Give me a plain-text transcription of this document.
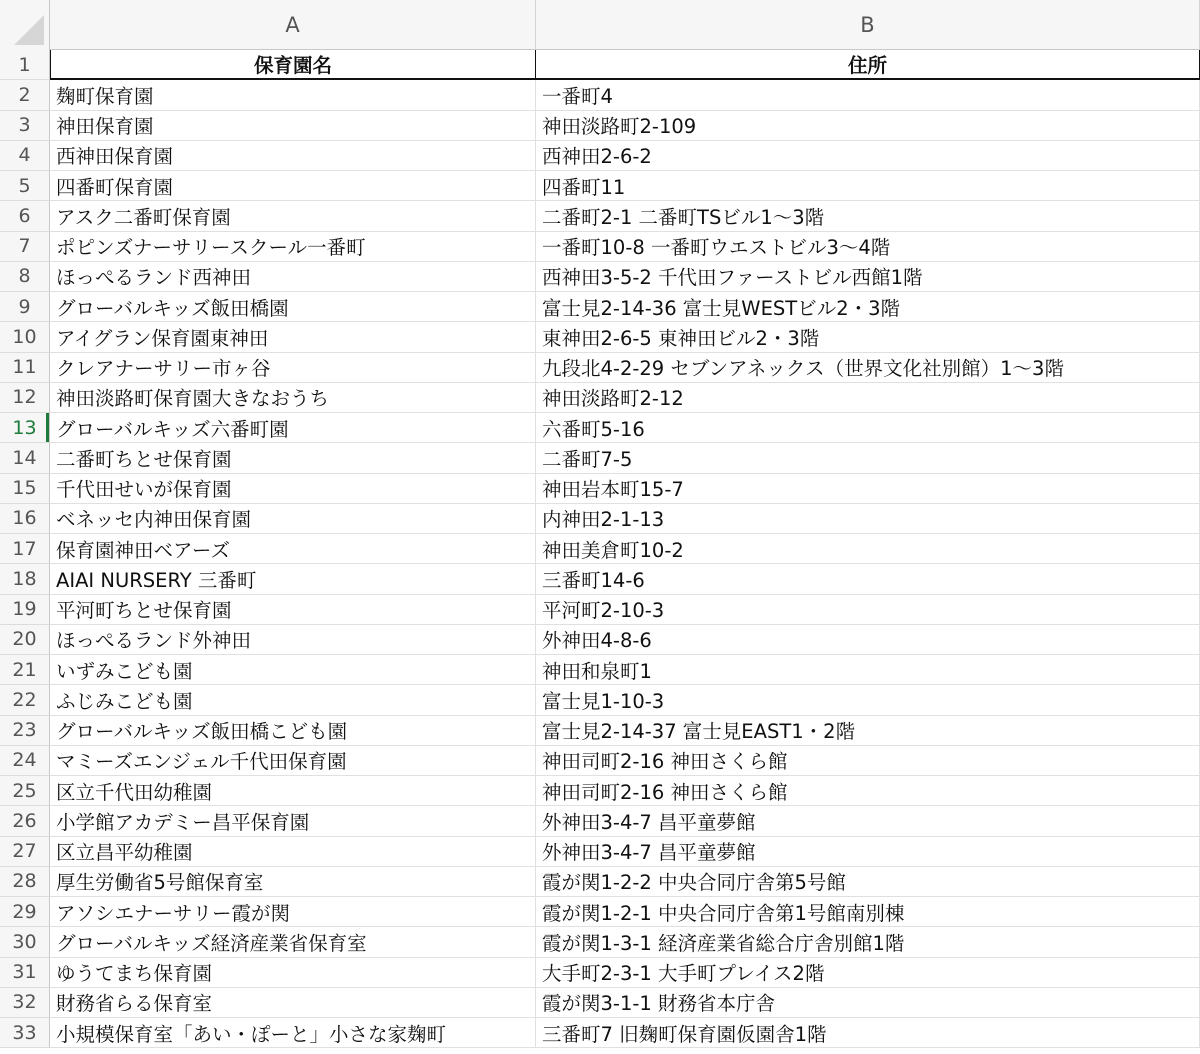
A	B
1	保育園名	住所
2	麹町保育園	一番町4
3	神田保育園	神田淡路町2-109
4	西神田保育園	西神田2-6-2
5	四番町保育園	四番町11
6	アスク二番町保育園	二番町2-1 二番町TSビル1～3階
7	ポピンズナーサリースクール一番町	一番町10-8 一番町ウエストビル3～4階
8	ほっぺるランド西神田	西神田3-5-2 千代田ファーストビル西館1階
9	グローバルキッズ飯田橋園	富士見2-14-36 富士見WESTビル2・3階
10 アイグラン保育園東神田	東神田2-6-5 東神田ビル2・3階
11 クレアナーサリー市ヶ谷	九段北4-2-29 セブンアネックス（世界文化社別館）1～3階
12 神田淡路町保育園大きなおうち	神田淡路町2-12
13 グローバルキッズ六番町園	六番町5-16
14 二番町ちとせ保育園	二番町7-5
15 千代田せいが保育園	神田岩本町15-7
16 ベネッセ内神田保育園	内神田2-1-13
17 保育園神田ベアーズ	神田美倉町10-2
18 AIAI NURSERY 三番町	三番町14-6
19 平河町ちとせ保育園	平河町2-10-3
20 ほっぺるランド外神田	外神田4-8-6
21 いずみこども園	神田和泉町1
22 ふじみこども園	富士見1-10-3
23 グローバルキッズ飯田橋こども園	富士見2-14-37 富士見EAST1・2階
24 マミーズエンジェル千代田保育園	神田司町2-16 神田さくら館
25 区立千代田幼稚園	神田司町2-16 神田さくら館
26 小学館アカデミー昌平保育園	外神田3-4-7 昌平童夢館
27 区立昌平幼稚園	外神田3-4-7 昌平童夢館
28 厚生労働省5号館保育室	霞が関1-2-2 中央合同庁舎第5号館
29 アソシエナーサリー霞が関	霞が関1-2-1 中央合同庁舎第1号館南別棟
30 グローバルキッズ経済産業省保育室	霞が関1-3-1 経済産業省総合庁舎別館1階
31 ゆうてまち保育園	大手町2-3-1 大手町プレイス2階
32 財務省らる保育室	霞が関3-1-1 財務省本庁舎
33 小規模保育室「あい・ぽーと」小さな家麹町	三番町7 旧麹町保育園仮園舎1階
